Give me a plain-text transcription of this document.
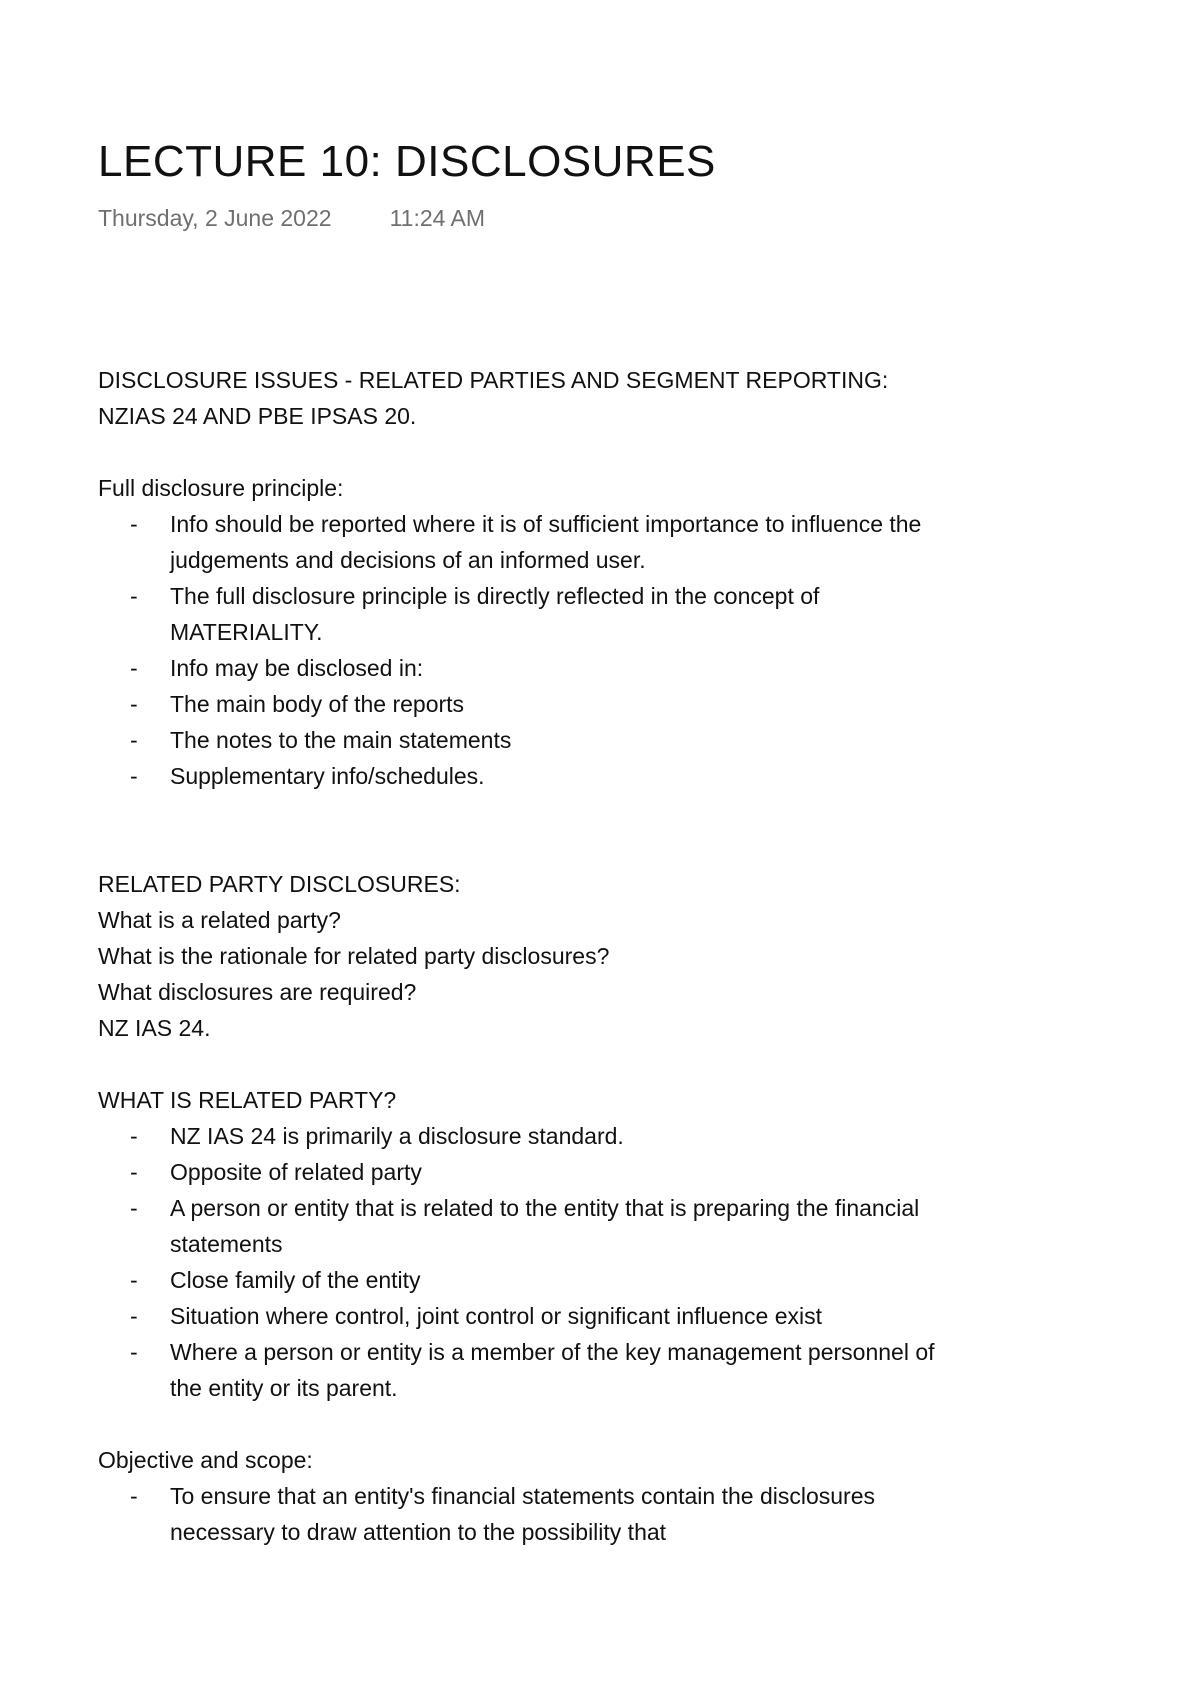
LECTURE 10: DISCLOSURES
Thursday, 2 June 2022	11:24 AM
DISCLOSURE ISSUES - RELATED PARTIES AND SEGMENT REPORTING:
NZIAS 24 AND PBE IPSAS 20.
Full disclosure principle:
- Info should be reported where it is of sufficient importance to influence the judgements and decisions of an informed user.
- The full disclosure principle is directly reflected in the concept of MATERIALITY.
- Info may be disclosed in:
- The main body of the reports
- The notes to the main statements
- Supplementary info/schedules.
RELATED PARTY DISCLOSURES:
What is a related party?
What is the rationale for related party disclosures?
What disclosures are required?
NZ IAS 24.
WHAT IS RELATED PARTY?
- NZ IAS 24 is primarily a disclosure standard.
- Opposite of related party
- A person or entity that is related to the entity that is preparing the financial statements
- Close family of the entity
- Situation where control, joint control or significant influence exist
- Where a person or entity is a member of the key management personnel of the entity or its parent.
Objective and scope:
- To ensure that an entity's financial statements contain the disclosures necessary to draw attention to the possibility that
